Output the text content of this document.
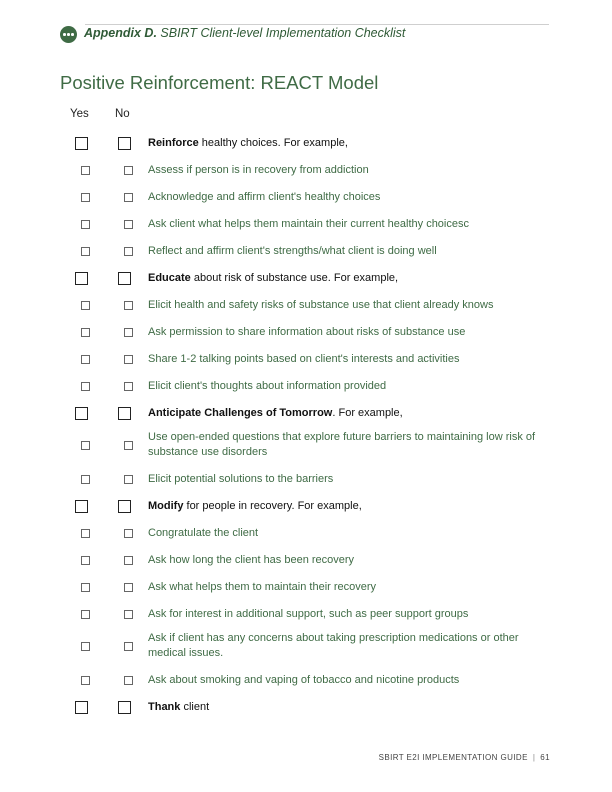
Appendix D. SBIRT Client-level Implementation Checklist
Positive Reinforcement: REACT Model
Yes No
Reinforce healthy choices. For example,
Assess if person is in recovery from addiction
Acknowledge and affirm client's healthy choices
Ask client what helps them maintain their current healthy choicesc
Reflect and affirm client's strengths/what client is doing well
Educate about risk of substance use. For example,
Elicit health and safety risks of substance use that client already knows
Ask permission to share information about risks of substance use
Share 1-2 talking points based on client's interests and activities
Elicit client's thoughts about information provided
Anticipate Challenges of Tomorrow. For example,
Use open-ended questions that explore future barriers to maintaining low risk of substance use disorders
Elicit potential solutions to the barriers
Modify for people in recovery. For example,
Congratulate the client
Ask how long the client has been recovery
Ask what helps them to maintain their recovery
Ask for interest in additional support, such as peer support groups
Ask if client has any concerns about taking prescription medications or other medical issues.
Ask about smoking and vaping of tobacco and nicotine products
Thank client
SBIRT E2I IMPLEMENTATION GUIDE | 61
